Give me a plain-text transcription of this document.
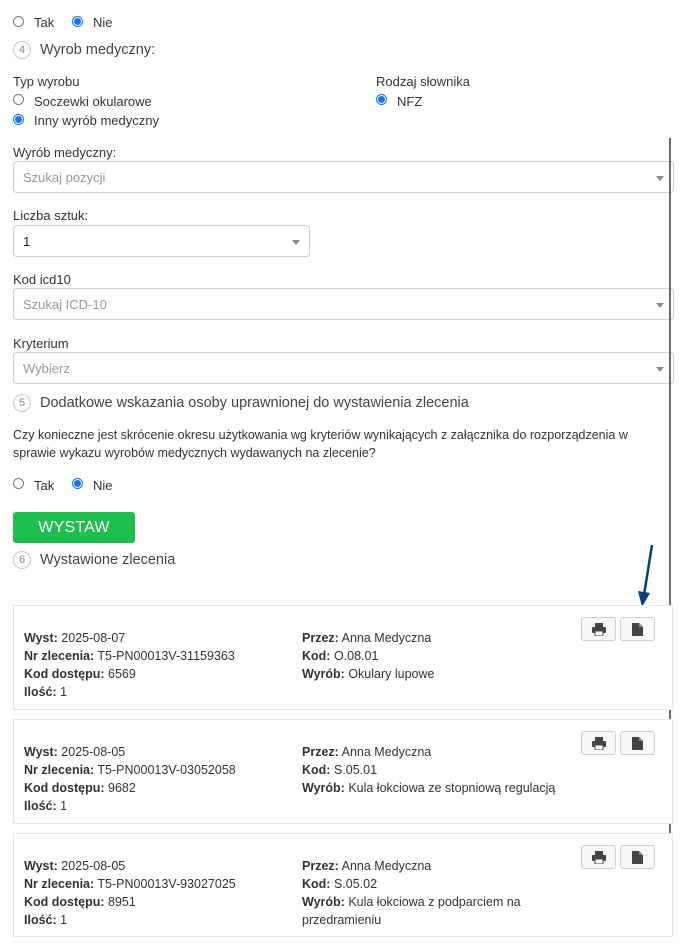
Tak	Nie
4	Wyrob medyczny:
Typ wyrobu
Soczewki okularowe
Inny wyrób medyczny
Rodzaj słownika
NFZ
Wyrób medyczny:
Szukaj pozycji
Liczba sztuk:
1
Kod icd10
Szukaj ICD-10
Kryterium
Wybierz
5	Dodatkowe wskazania osoby uprawnionej do wystawienia zlecenia
Czy konieczne jest skrócenie okresu użytkowania wg kryteriów wynikających z załącznika do rozporządzenia w sprawie wykazu wyrobów medycznych wydawanych na zlecenie?
Tak	Nie
WYSTAW
6	Wystawione zlecenia
Wyst: 2025-08-07
Nr zlecenia: T5-PN00013V-31159363
Kod dostępu: 6569
Ilość: 1
Przez: Anna Medyczna
Kod: O.08.01
Wyrób: Okulary lupowe
Wyst: 2025-08-05
Nr zlecenia: T5-PN00013V-03052058
Kod dostępu: 9682
Ilość: 1
Przez: Anna Medyczna
Kod: S.05.01
Wyrób: Kula łokciowa ze stopniową regulacją
Wyst: 2025-08-05
Nr zlecenia: T5-PN00013V-93027025
Kod dostępu: 8951
Ilość: 1
Przez: Anna Medyczna
Kod: S.05.02
Wyrób: Kula łokciowa z podparciem na przedramieniu
